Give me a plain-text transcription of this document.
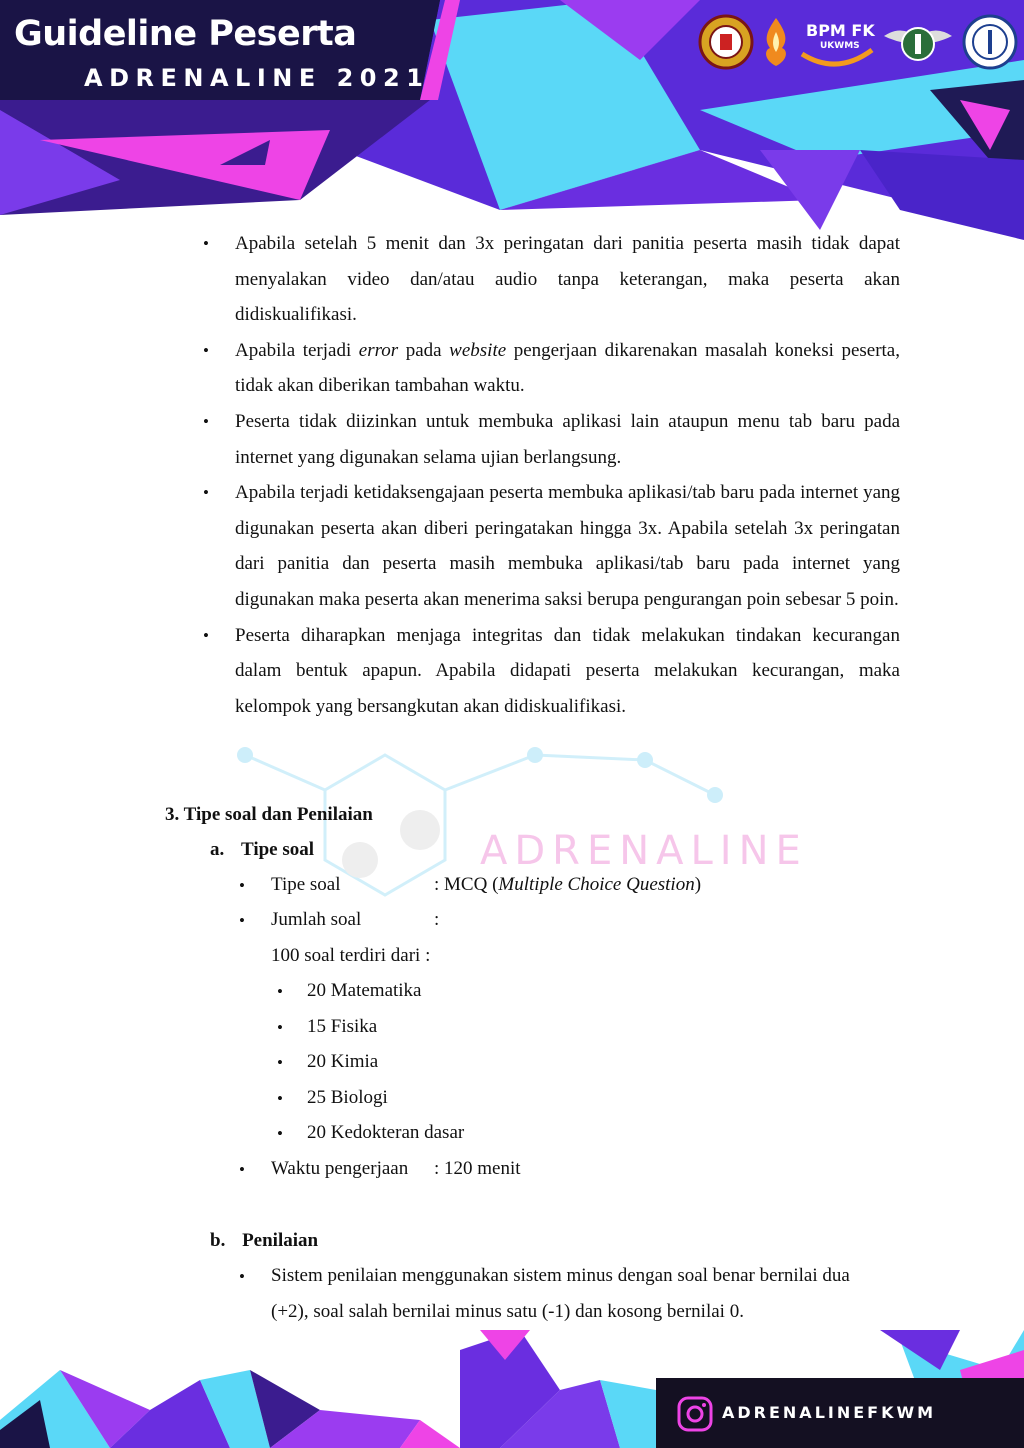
Guideline Peserta
ADRENALINE 2021
BPM FK
UKWMS
ADRENALINE
• Apabila setelah 5 menit dan 3x peringatan dari panitia peserta masih tidak dapat menyalakan video dan/atau audio tanpa keterangan, maka peserta akan didiskualifikasi.
• Apabila terjadi error pada website pengerjaan dikarenakan masalah koneksi peserta, tidak akan diberikan tambahan waktu.
• Peserta tidak diizinkan untuk membuka aplikasi lain ataupun menu tab baru pada internet yang digunakan selama ujian berlangsung.
• Apabila terjadi ketidaksengajaan peserta membuka aplikasi/tab baru pada internet yang digunakan peserta akan diberi peringatakan hingga 3x. Apabila setelah 3x peringatan dari panitia dan peserta masih membuka aplikasi/tab baru pada internet yang digunakan maka peserta akan menerima saksi berupa pengurangan poin sebesar 5 poin.
• Peserta diharapkan menjaga integritas dan tidak melakukan tindakan kecurangan dalam bentuk apapun. Apabila didapati peserta melakukan kecurangan, maka kelompok yang bersangkutan akan didiskualifikasi.
3. Tipe soal dan Penilaian
a. Tipe soal
• Tipe soal	: MCQ (Multiple Choice Question)
• Jumlah soal	:
100 soal terdiri dari :
• 20 Matematika
• 15 Fisika
• 20 Kimia
• 25 Biologi
• 20 Kedokteran dasar
• Waktu pengerjaan : 120 menit
b. Penilaian
• Sistem penilaian menggunakan sistem minus dengan soal benar bernilai dua
(+2), soal salah bernilai minus satu (-1) dan kosong bernilai 0.
ADRENALINEFKWM
